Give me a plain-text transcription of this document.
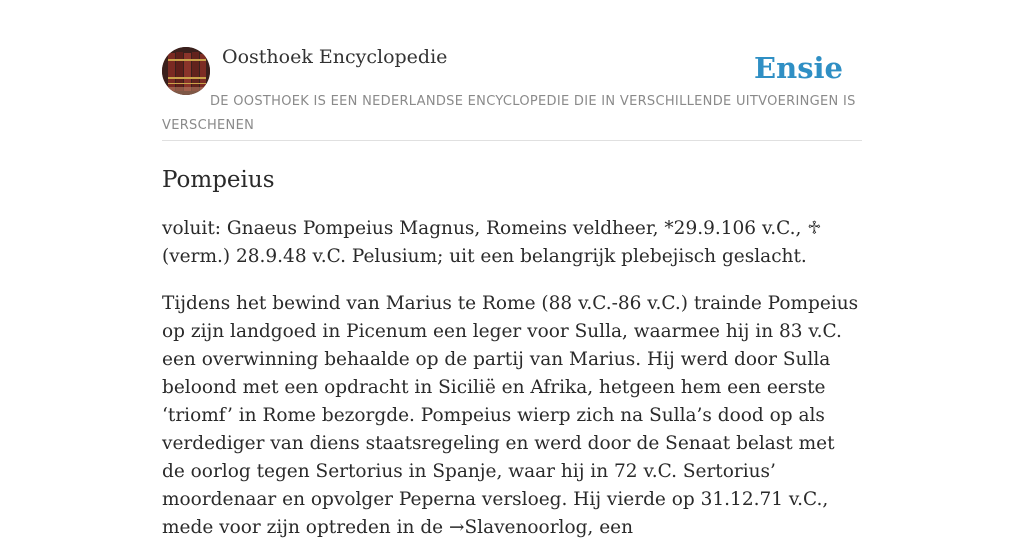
Oosthoek Encyclopedie	Ensie
DE OOSTHOEK IS EEN NEDERLANDSE ENCYCLOPEDIE DIE IN VERSCHILLENDE UITVOERINGEN IS VERSCHENEN
Pompeius

voluit: Gnaeus Pompeius Magnus, Romeins veldheer, *29.9.106 v.C., ♱ (verm.) 28.9.48 v.C. Pelusium; uit een belangrijk plebejisch geslacht.

Tijdens het bewind van Marius te Rome (88 v.C.-86 v.C.) trainde Pompeius op zijn landgoed in Picenum een leger voor Sulla, waarmee hij in 83 v.C. een overwinning behaalde op de partij van Marius. Hij werd door Sulla beloond met een opdracht in Sicilië en Afrika, hetgeen hem een eerste ‘triomf’ in Rome bezorgde. Pompeius wierp zich na Sulla’s dood op als verdediger van diens staatsregeling en werd door de Senaat belast met de oorlog tegen Sertorius in Spanje, waar hij in 72 v.C. Sertorius’ moordenaar en opvolger Peperna versloeg. Hij vierde op 31.12.71 v.C., mede voor zijn optreden in de →Slavenoorlog, een
